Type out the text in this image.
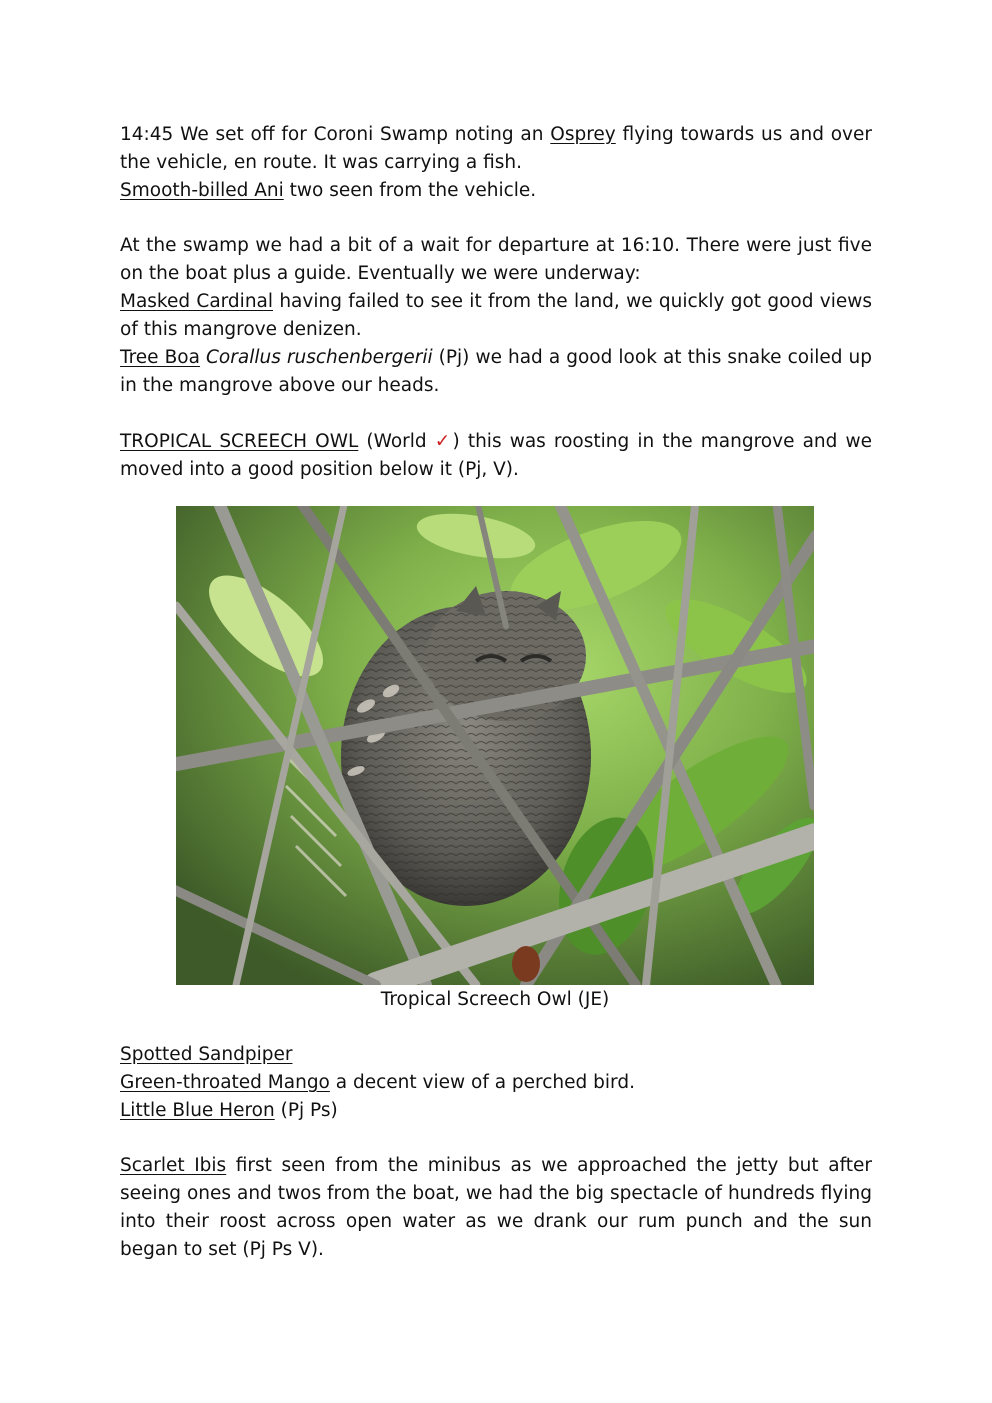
14:45 We set off for Coroni Swamp noting an Osprey flying towards us and over the vehicle, en route. It was carrying a fish.

Smooth-billed Ani two seen from the vehicle.

At the swamp we had a bit of a wait for departure at 16:10. There were just five on the boat plus a guide. Eventually we were underway:

Masked Cardinal having failed to see it from the land, we quickly got good views of this mangrove denizen.

Tree Boa Corallus ruschenbergerii (Pj) we had a good look at this snake coiled up in the mangrove above our heads.

TROPICAL SCREECH OWL (World ✓) this was roosting in the mangrove and we moved into a good position below it (Pj, V).

Tropical Screech Owl (JE)

Spotted Sandpiper

Green-throated Mango a decent view of a perched bird.

Little Blue Heron (Pj Ps)

Scarlet Ibis first seen from the minibus as we approached the jetty but after seeing ones and twos from the boat, we had the big spectacle of hundreds flying into their roost across open water as we drank our rum punch and the sun began to set (Pj Ps V).
